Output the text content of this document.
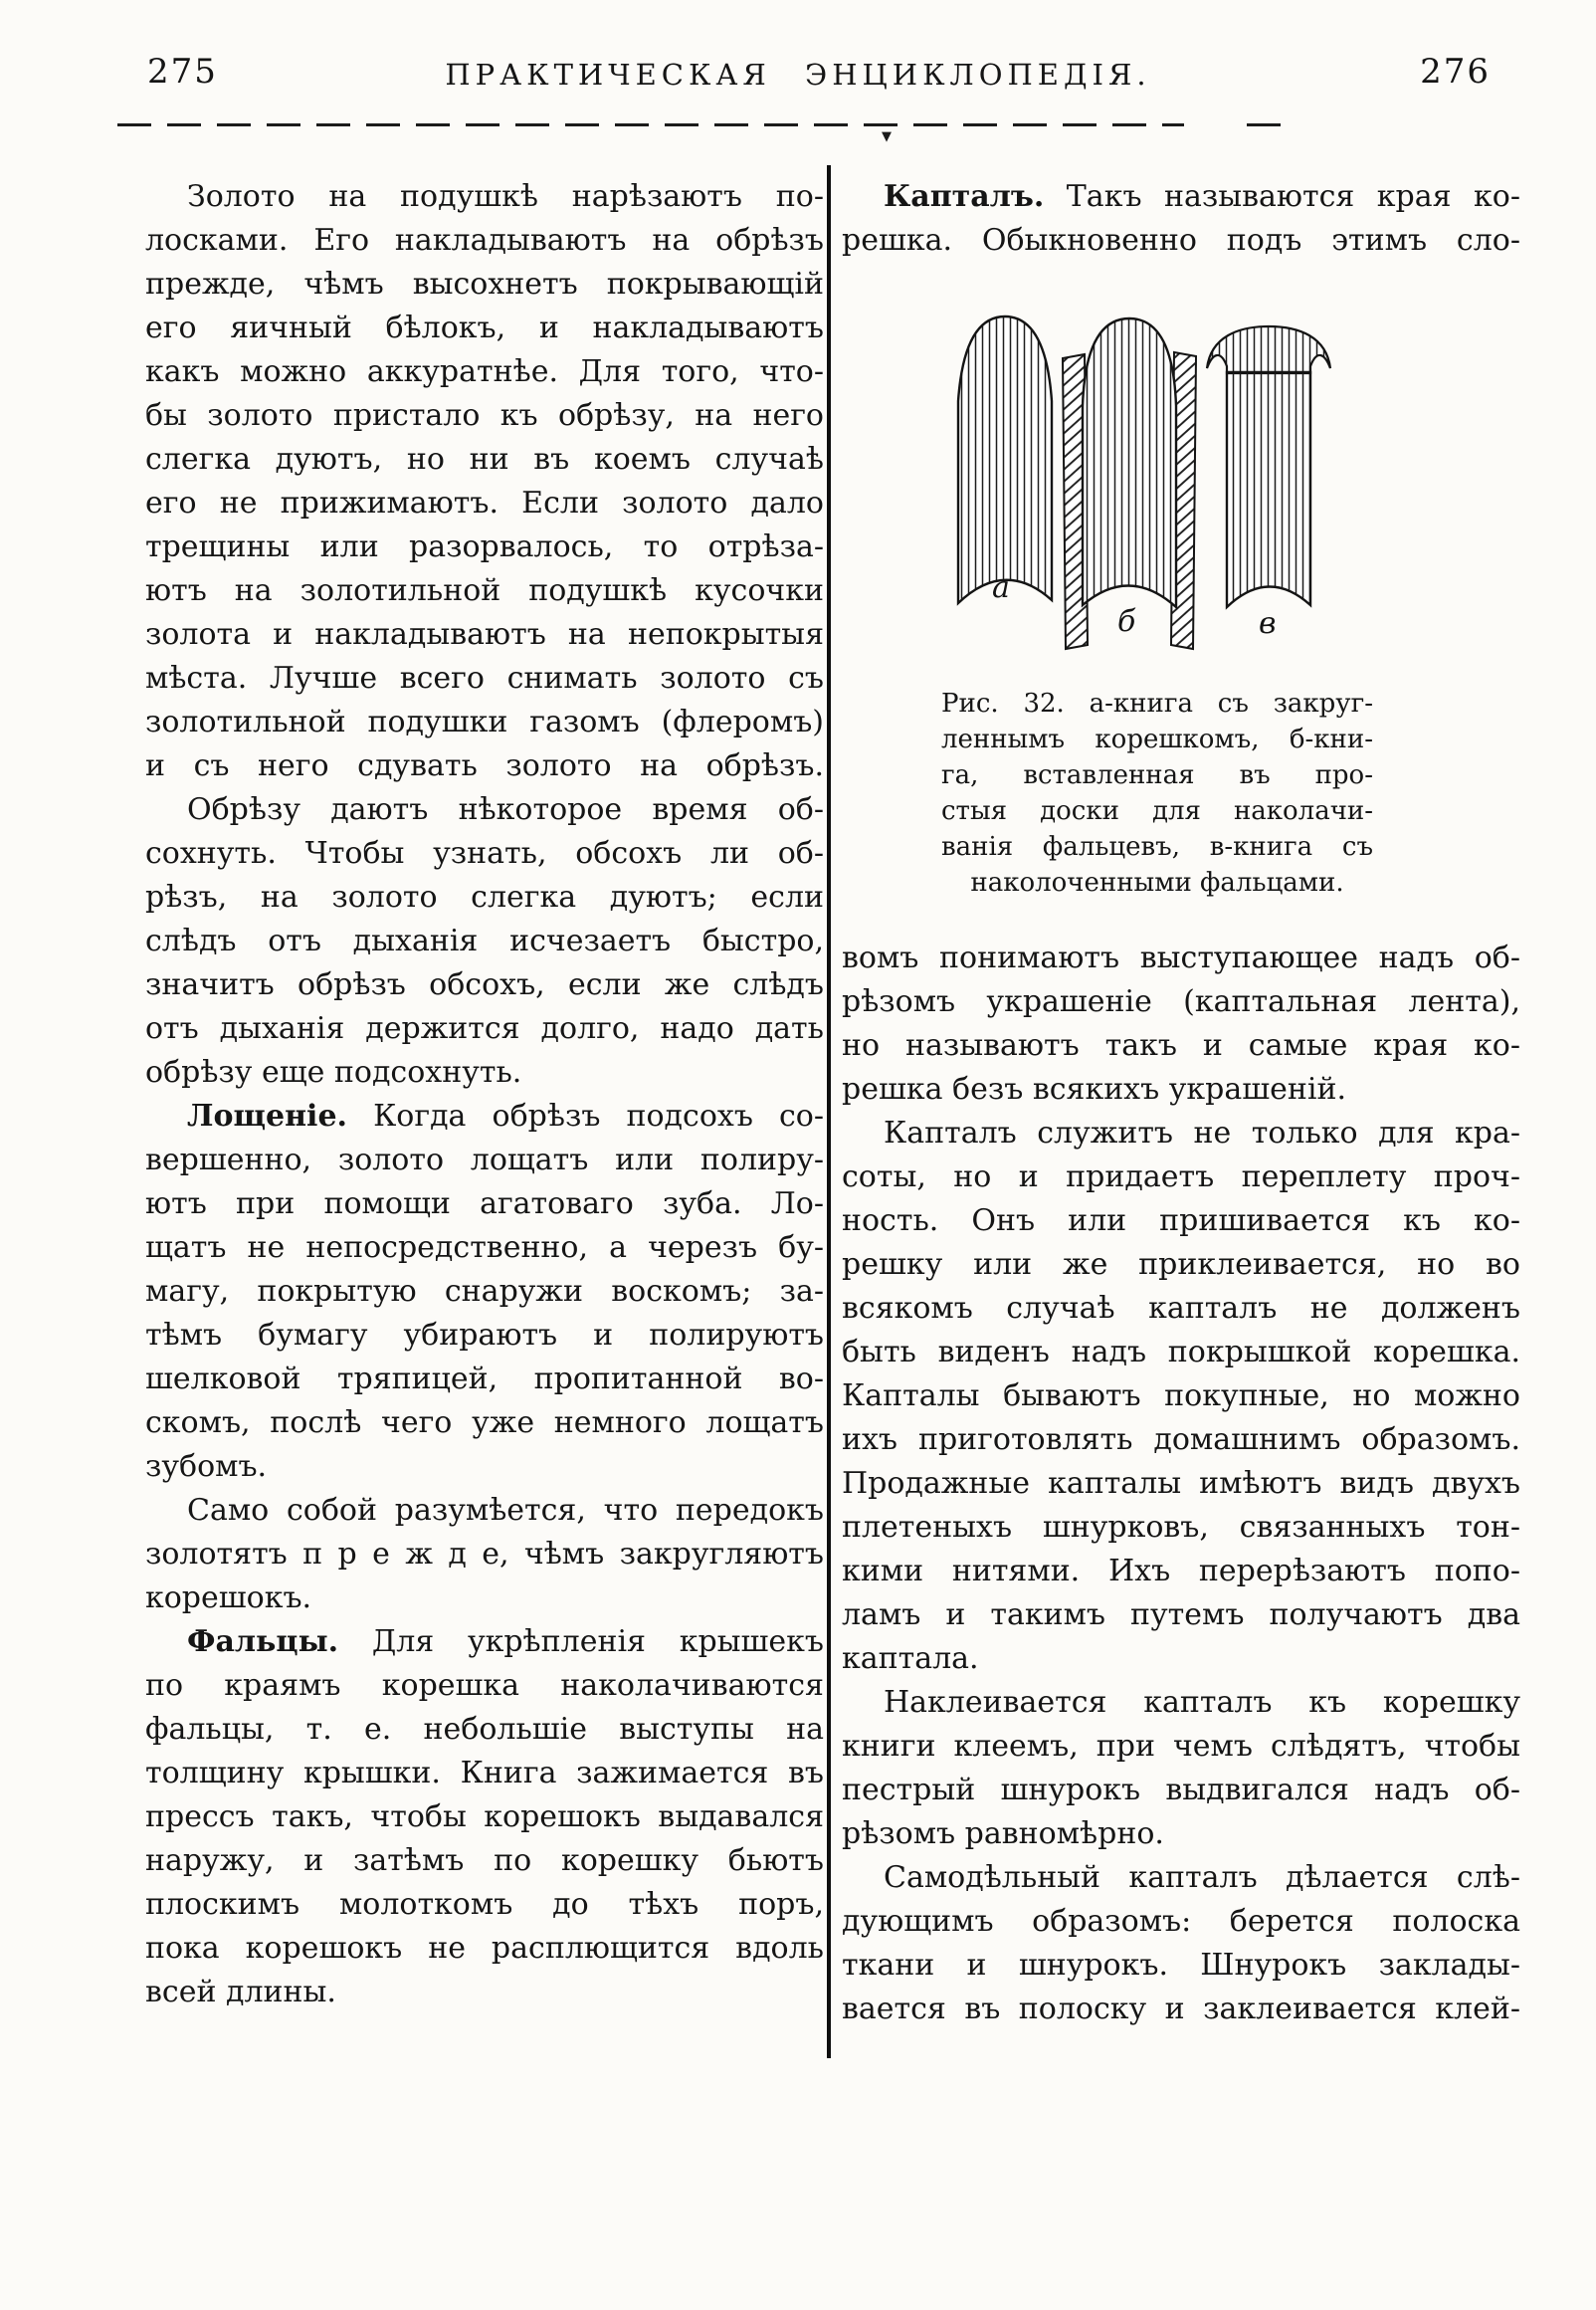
275	ПРАКТИЧЕСКАЯ ЭНЦИКЛОПЕДІЯ.	276
▼
Золото на подушкѣ нарѣзаютъ по-
лосками. Его накладываютъ на обрѣзъ
прежде, чѣмъ высохнетъ покрывающій
его яичный бѣлокъ, и накладываютъ
какъ можно аккуратнѣе. Для того, что-
бы золото пристало къ обрѣзу, на него
слегка дуютъ, но ни въ коемъ случаѣ
его не прижимаютъ. Если золото дало
трещины или разорвалось, то отрѣза-
ютъ на золотильной подушкѣ кусочки
золота и накладываютъ на непокрытыя
мѣста. Лучше всего снимать золото съ
золотильной подушки газомъ (флеромъ)
и съ него сдувать золото на обрѣзъ.
Обрѣзу даютъ нѣкоторое время об-
сохнуть. Чтобы узнать, обсохъ ли об-
рѣзъ, на золото слегка дуютъ; если
слѣдъ отъ дыханія исчезаетъ быстро,
значитъ обрѣзъ обсохъ, если же слѣдъ
отъ дыханія держится долго, надо дать
обрѣзу еще подсохнуть.
Лощеніе. Когда обрѣзъ подсохъ со-
вершенно, золото лощатъ или полиру-
ютъ при помощи агатоваго зуба. Ло-
щатъ не непосредственно, а черезъ бу-
магу, покрытую снаружи воскомъ; за-
тѣмъ бумагу убираютъ и полируютъ
шелковой тряпицей, пропитанной во-
скомъ, послѣ чего уже немного лощатъ
зубомъ.
Само собой разумѣется, что передокъ
золотятъ п р е ж д е, чѣмъ закругляютъ
корешокъ.
Фальцы. Для укрѣпленія крышекъ
по краямъ корешка наколачиваются
фальцы, т. е. небольшіе выступы на
толщину крышки. Книга зажимается въ
прессъ такъ, чтобы корешокъ выдавался
наружу, и затѣмъ по корешку бьютъ
плоскимъ молоткомъ до тѣхъ поръ,
пока корешокъ не расплющится вдоль
всей длины.
Капталъ. Такъ называются края ко-
решка. Обыкновенно подъ этимъ сло-
а
б	в
Рис. 32. а-книга съ закруг-
леннымъ корешкомъ, б-кни-
га, вставленная въ про-
стыя доски для наколачи-
ванія фальцевъ, в-книга съ
наколоченными фальцами.
вомъ понимаютъ выступающее надъ об-
рѣзомъ украшеніе (каптальная лента),
но называютъ такъ и самые края ко-
решка безъ всякихъ украшеній.
Капталъ служитъ не только для кра-
соты, но и придаетъ переплету проч-
ность. Онъ или пришивается къ ко-
решку или же приклеивается, но во
всякомъ случаѣ капталъ не долженъ
быть виденъ надъ покрышкой корешка.
Капталы бываютъ покупные, но можно
ихъ приготовлять домашнимъ образомъ.
Продажные капталы имѣютъ видъ двухъ
плетеныхъ шнурковъ, связанныхъ тон-
кими нитями. Ихъ перерѣзаютъ попо-
ламъ и такимъ путемъ получаютъ два
каптала.
Наклеивается капталъ къ корешку
книги клеемъ, при чемъ слѣдятъ, чтобы
пестрый шнурокъ выдвигался надъ об-
рѣзомъ равномѣрно.
Самодѣльный капталъ дѣлается слѣ-
дующимъ образомъ: берется полоска
ткани и шнурокъ. Шнурокъ заклады-
вается въ полоску и заклеивается клей-
